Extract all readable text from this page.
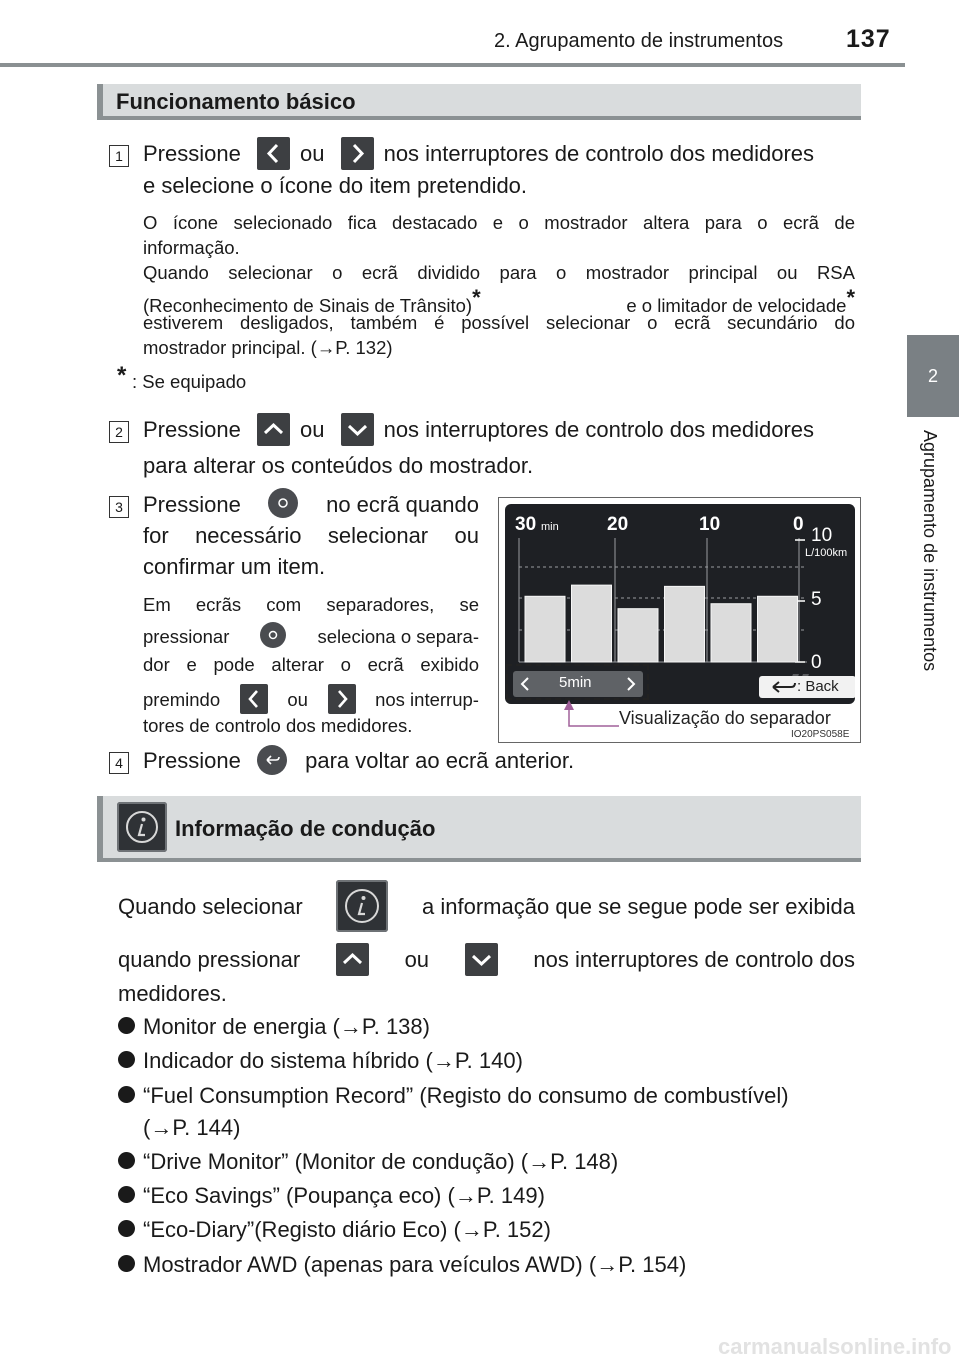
2. Agrupamento de instrumentos	137
2
Agrupamento de instrumentos
Funcionamento básico
1 Pressione	ou	nos interruptores de controlo dos medidores
e selecione o ícone do item pretendido.
O ícone selecionado fica destacado e o mostrador altera para o ecrã de
informação.
Quando selecionar o ecrã dividido para o mostrador principal ou RSA
(Reconhecimento de Sinais de Trânsito)*	e o limitador de velocidade*
estiverem desligados, também é possível selecionar o ecrã secundário do
mostrador principal. (→P. 132)
* : Se equipado
2 Pressione	ou	nos interruptores de controlo dos medidores
para alterar os conteúdos do mostrador.
3 Pressione	no ecrã quando
for necessário selecionar ou
confirmar um item.
Em ecrãs com separadores, se
pressionar	seleciona o separa-
dor e pode alterar o ecrã exibido
premindo	ou	nos interrup-
tores de controlo dos medidores.
30 min	20	10	0
10
L/100km
5
0
5min	: Back
Visualização do separador
IO20PS058E
4 Pressione	para voltar ao ecrã anterior.
Informação de condução
Quando selecionar	a informação que se segue pode ser exibida
quando pressionar	ou	nos interruptores de controlo dos
medidores.
Monitor de energia (→P. 138)
Indicador do sistema híbrido (→P. 140)
“Fuel Consumption Record” (Registo do consumo de combustível)
(→P. 144)
“Drive Monitor” (Monitor de condução) (→P. 148)
“Eco Savings” (Poupança eco) (→P. 149)
“Eco-Diary”(Registo diário Eco) (→P. 152)
Mostrador AWD (apenas para veículos AWD) (→P. 154)
carmanualsonline.info
